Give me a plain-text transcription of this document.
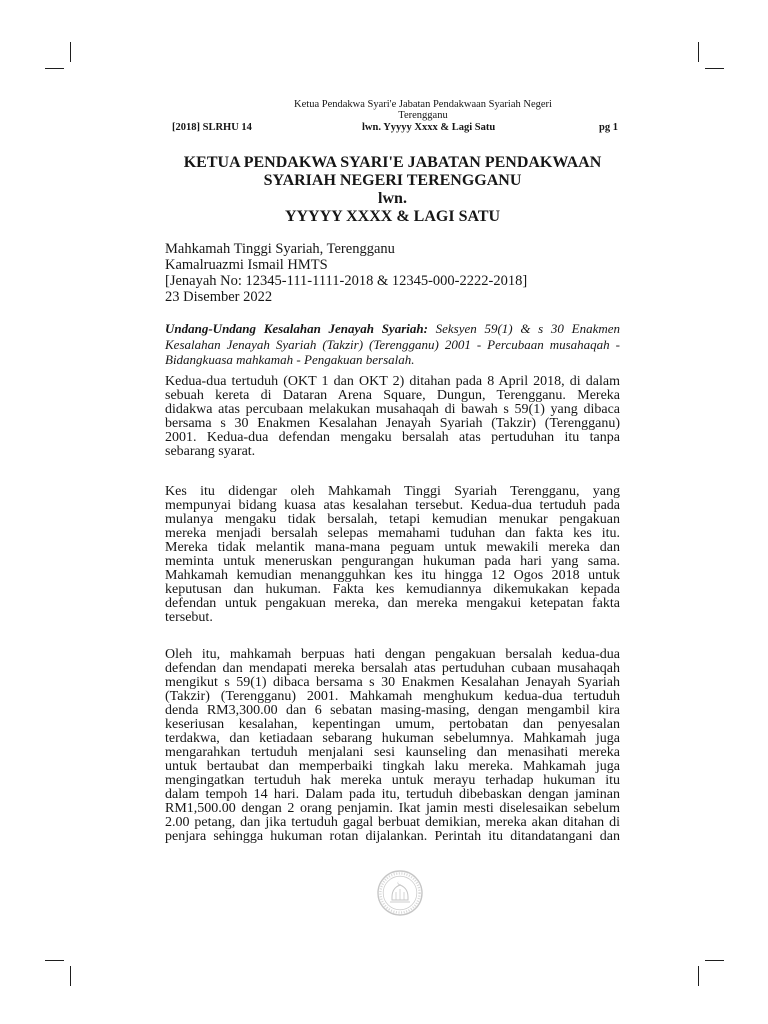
Ketua Pendakwa Syari'e Jabatan Pendakwaan Syariah Negeri
Terengganu
[2018] SLRHU 14	lwn. Yyyyy Xxxx & Lagi Satu	pg 1
KETUA PENDAKWA SYARI'E JABATAN PENDAKWAAN
SYARIAH NEGERI TERENGGANU
lwn.
YYYYY XXXX & LAGI SATU
Mahkamah Tinggi Syariah, Terengganu
Kamalruazmi Ismail HMTS
[Jenayah No: 12345-111-1111-2018 & 12345-000-2222-2018]
23 Disember 2022
Undang-Undang Kesalahan Jenayah Syariah: Seksyen 59(1) & s 30 Enakmen
Kesalahan Jenayah Syariah (Takzir) (Terengganu) 2001 - Percubaan musahaqah -
Bidangkuasa mahkamah - Pengakuan bersalah.
Kedua-dua tertuduh (OKT 1 dan OKT 2) ditahan pada 8 April 2018, di dalam
sebuah kereta di Dataran Arena Square, Dungun, Terengganu. Mereka
didakwa atas percubaan melakukan musahaqah di bawah s 59(1) yang dibaca
bersama s 30 Enakmen Kesalahan Jenayah Syariah (Takzir) (Terengganu)
2001. Kedua-dua defendan mengaku bersalah atas pertuduhan itu tanpa
sebarang syarat.
Kes itu didengar oleh Mahkamah Tinggi Syariah Terengganu, yang
mempunyai bidang kuasa atas kesalahan tersebut. Kedua-dua tertuduh pada
mulanya mengaku tidak bersalah, tetapi kemudian menukar pengakuan
mereka menjadi bersalah selepas memahami tuduhan dan fakta kes itu.
Mereka tidak melantik mana-mana peguam untuk mewakili mereka dan
meminta untuk meneruskan pengurangan hukuman pada hari yang sama.
Mahkamah kemudian menangguhkan kes itu hingga 12 Ogos 2018 untuk
keputusan dan hukuman. Fakta kes kemudiannya dikemukakan kepada
defendan untuk pengakuan mereka, dan mereka mengakui ketepatan fakta
tersebut.
Oleh itu, mahkamah berpuas hati dengan pengakuan bersalah kedua-dua
defendan dan mendapati mereka bersalah atas pertuduhan cubaan musahaqah
mengikut s 59(1) dibaca bersama s 30 Enakmen Kesalahan Jenayah Syariah
(Takzir) (Terengganu) 2001. Mahkamah menghukum kedua-dua tertuduh
denda RM3,300.00 dan 6 sebatan masing-masing, dengan mengambil kira
keseriusan kesalahan, kepentingan umum, pertobatan dan penyesalan
terdakwa, dan ketiadaan sebarang hukuman sebelumnya. Mahkamah juga
mengarahkan tertuduh menjalani sesi kaunseling dan menasihati mereka
untuk bertaubat dan memperbaiki tingkah laku mereka. Mahkamah juga
mengingatkan tertuduh hak mereka untuk merayu terhadap hukuman itu
dalam tempoh 14 hari. Dalam pada itu, tertuduh dibebaskan dengan jaminan
RM1,500.00 dengan 2 orang penjamin. Ikat jamin mesti diselesaikan sebelum
2.00 petang, dan jika tertuduh gagal berbuat demikian, mereka akan ditahan di
penjara sehingga hukuman rotan dijalankan. Perintah itu ditandatangani dan
